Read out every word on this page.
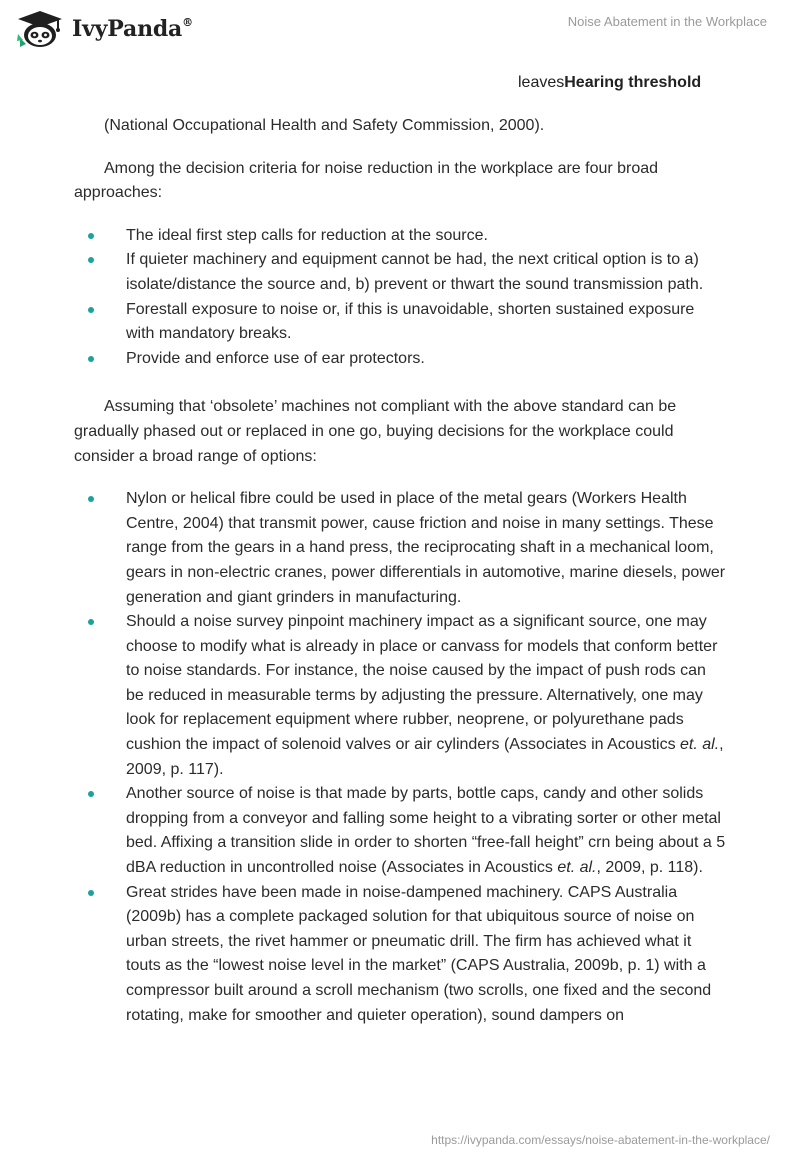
IvyPanda®	Noise Abatement in the Workplace
leavesHearing threshold

(National Occupational Health and Safety Commission, 2000).

Among the decision criteria for noise reduction in the workplace are four broad approaches:

The ideal first step calls for reduction at the source.
If quieter machinery and equipment cannot be had, the next critical option is to a) isolate/distance the source and, b) prevent or thwart the sound transmission path.
Forestall exposure to noise or, if this is unavoidable, shorten sustained exposure with mandatory breaks.
Provide and enforce use of ear protectors.

Assuming that ‘obsolete’ machines not compliant with the above standard can be gradually phased out or replaced in one go, buying decisions for the workplace could consider a broad range of options:

Nylon or helical fibre could be used in place of the metal gears (Workers Health Centre, 2004) that transmit power, cause friction and noise in many settings. These range from the gears in a hand press, the reciprocating shaft in a mechanical loom, gears in non-electric cranes, power differentials in automotive, marine diesels, power generation and giant grinders in manufacturing.
Should a noise survey pinpoint machinery impact as a significant source, one may choose to modify what is already in place or canvass for models that conform better to noise standards. For instance, the noise caused by the impact of push rods can be reduced in measurable terms by adjusting the pressure. Alternatively, one may look for replacement equipment where rubber, neoprene, or polyurethane pads cushion the impact of solenoid valves or air cylinders (Associates in Acoustics et. al., 2009, p. 117).
Another source of noise is that made by parts, bottle caps, candy and other solids dropping from a conveyor and falling some height to a vibrating sorter or other metal bed. Affixing a transition slide in order to shorten “free-fall height” crn being about a 5 dBA reduction in uncontrolled noise (Associates in Acoustics et. al., 2009, p. 118).
Great strides have been made in noise-dampened machinery. CAPS Australia (2009b) has a complete packaged solution for that ubiquitous source of noise on urban streets, the rivet hammer or pneumatic drill. The firm has achieved what it touts as the “lowest noise level in the market” (CAPS Australia, 2009b, p. 1) with a compressor built around a scroll mechanism (two scrolls, one fixed and the second rotating, make for smoother and quieter operation), sound dampers on
https://ivypanda.com/essays/noise-abatement-in-the-workplace/
